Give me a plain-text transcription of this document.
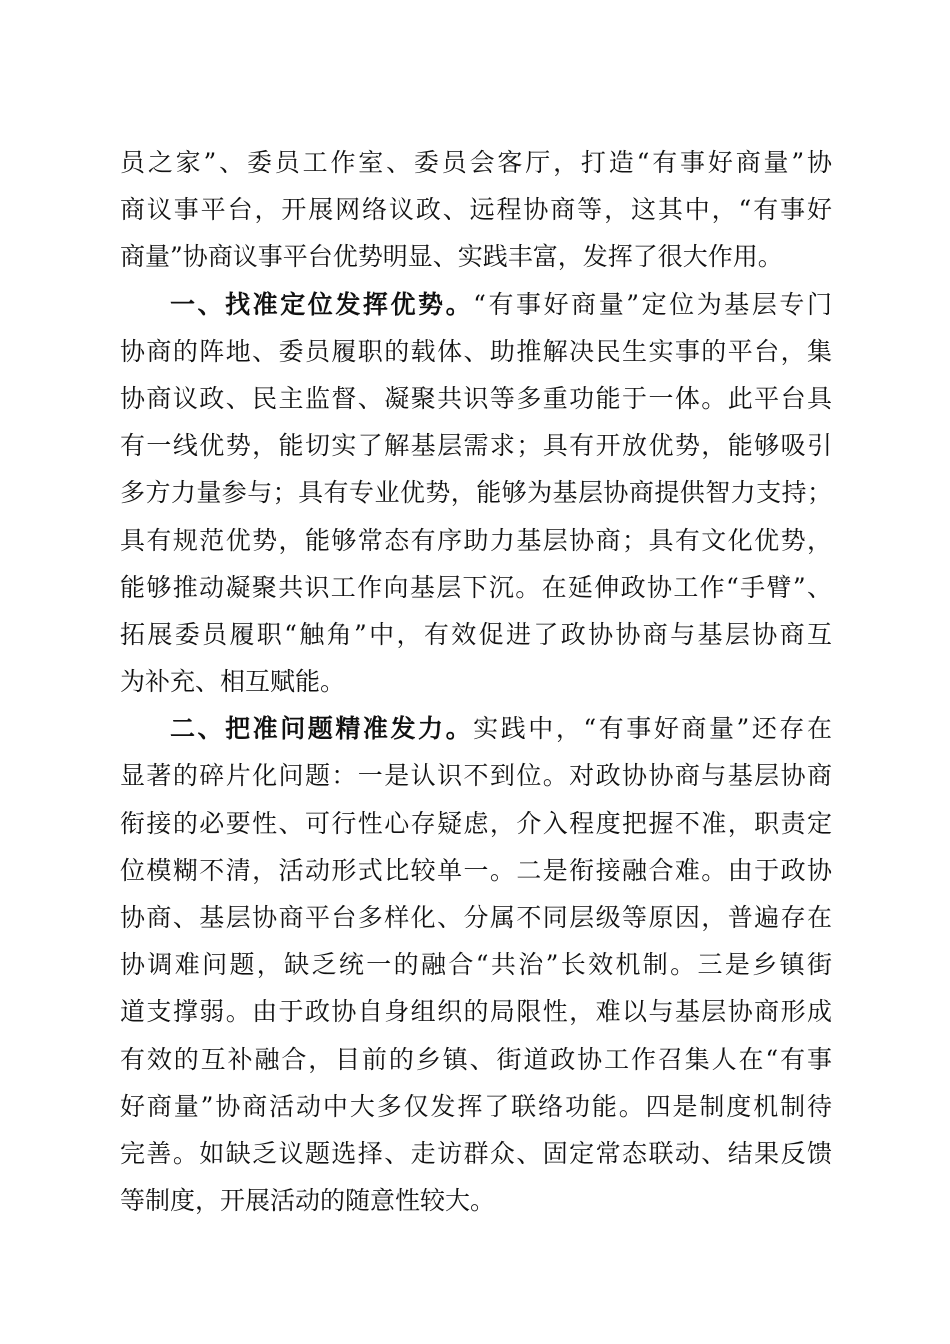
员之家”、委员工作室、委员会客厅，打造“有事好商量”协
商议事平台，开展网络议政、远程协商等，这其中，“有事好
商量”协商议事平台优势明显、实践丰富，发挥了很大作用。
一、找准定位发挥优势。“有事好商量”定位为基层专门
协商的阵地、委员履职的载体、助推解决民生实事的平台，集
协商议政、民主监督、凝聚共识等多重功能于一体。此平台具
有一线优势，能切实了解基层需求；具有开放优势，能够吸引
多方力量参与；具有专业优势，能够为基层协商提供智力支持；
具有规范优势，能够常态有序助力基层协商；具有文化优势，
能够推动凝聚共识工作向基层下沉。在延伸政协工作“手臂”、
拓展委员履职“触角”中，有效促进了政协协商与基层协商互
为补充、相互赋能。
二、把准问题精准发力。实践中，“有事好商量”还存在
显著的碎片化问题：一是认识不到位。对政协协商与基层协商
衔接的必要性、可行性心存疑虑，介入程度把握不准，职责定
位模糊不清，活动形式比较单一。二是衔接融合难。由于政协
协商、基层协商平台多样化、分属不同层级等原因，普遍存在
协调难问题，缺乏统一的融合“共治”长效机制。三是乡镇街
道支撑弱。由于政协自身组织的局限性，难以与基层协商形成
有效的互补融合，目前的乡镇、街道政协工作召集人在“有事
好商量”协商活动中大多仅发挥了联络功能。四是制度机制待
完善。如缺乏议题选择、走访群众、固定常态联动、结果反馈
等制度，开展活动的随意性较大。
